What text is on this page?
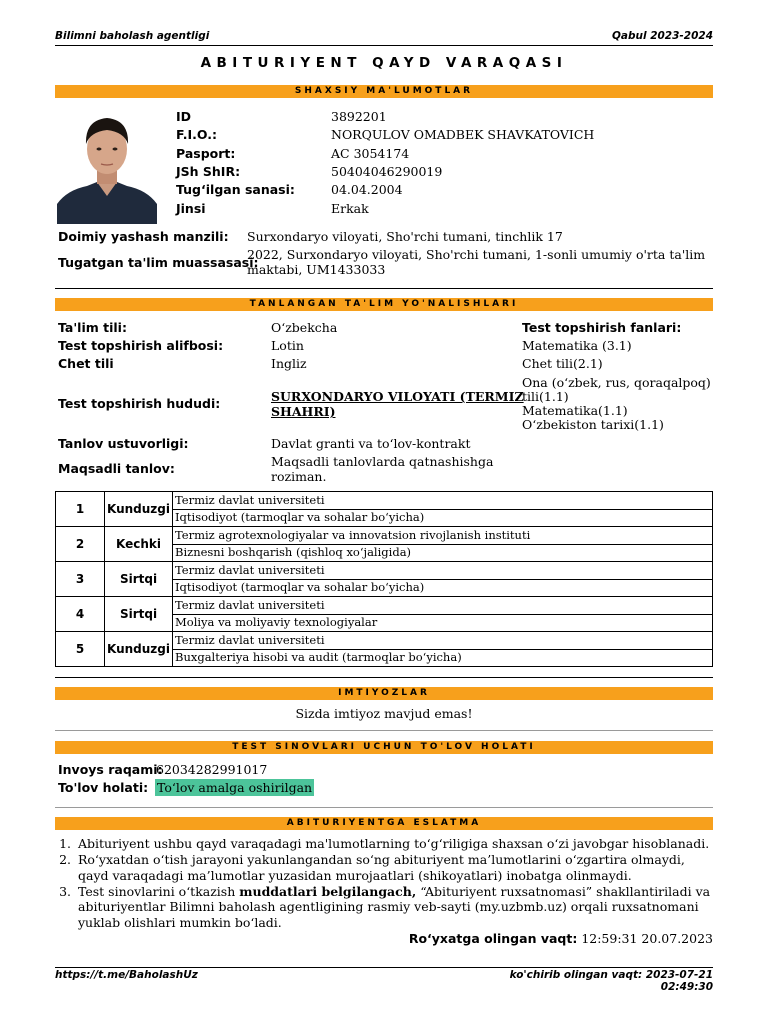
Bilimni baholash agentligi	Qabul 2023-2024
ABITURIYENT QAYD VARAQASI
SHAXSIY MA'LUMOTLAR
ID	3892201
F.I.O.:	NORQULOV OMADBEK SHAVKATOVICH
Pasport:	AC 3054174
JSh ShIR:	50404046290019
Tug‘ilgan sanasi:	04.04.2004
Jinsi	Erkak
Doimiy yashash manzili: Surxondaryo viloyati, Sho'rchi tumani, tinchlik 17
Tugatgan ta'lim muassasasi:
2022, Surxondaryo viloyati, Sho'rchi tumani, 1-sonli umumiy o'rta ta'lim
maktabi, UM1433033
TANLANGAN TA'LIM YO'NALISHLARI
Ta'lim tili:	O‘zbekcha
Test topshirish alifbosi:	Lotin
Chet tili	Ingliz
Test topshirish hududi:	SURXONDARYO VILOYATI (TERMIZ
SHAHRI)
Tanlov ustuvorligi:	Davlat granti va to‘lov-kontrakt
Maqsadli tanlov:	Maqsadli tanlovlarda qatnashishga
roziman.
Test topshirish fanlari:
Matematika (3.1)
Chet tili(2.1)
Ona (o‘zbek, rus, qoraqalpoq)
tili(1.1)
Matematika(1.1)
O‘zbekiston tarixi(1.1)
1	Kunduzgi	Termiz davlat universiteti
		Iqtisodiyot (tarmoqlar va sohalar bo‘yicha)
2	Kechki	Termiz agrotexnologiyalar va innovatsion rivojlanish instituti
		Biznesni boshqarish (qishloq xo‘jaligida)
3	Sirtqi	Termiz davlat universiteti
		Iqtisodiyot (tarmoqlar va sohalar bo‘yicha)
4	Sirtqi	Termiz davlat universiteti
		Moliya va moliyaviy texnologiyalar
5	Kunduzgi	Termiz davlat universiteti
		Buxgalteriya hisobi va audit (tarmoqlar bo‘yicha)
IMTIYOZLAR
Sizda imtiyoz mavjud emas!
TEST SINOVLARI UCHUN TO'LOV HOLATI
Invoys raqami:
62034282991017
To'lov holati: To‘lov amalga oshirilgan
ABITURIYENTGA ESLATMA
1. Abituriyent ushbu qayd varaqadagi ma'lumotlarning to‘g‘riligiga shaxsan o‘zi javobgar hisoblanadi.
2. Ro‘yxatdan o‘tish jarayoni yakunlangandan so‘ng abituriyent ma’lumotlarini o‘zgartira olmaydi, qayd varaqadagi ma’lumotlar yuzasidan murojaatlari (shikoyatlari) inobatga olinmaydi.
3. Test sinovlarini o‘tkazish muddatlari belgilangach, “Abituriyent ruxsatnomasi” shakllantiriladi va abituriyentlar Bilimni baholash agentligining rasmiy veb-sayti (my.uzbmb.uz) orqali ruxsatnomani yuklab olishlari mumkin bo‘ladi.
Ro‘yxatga olingan vaqt: 12:59:31 20.07.2023
https://t.me/BaholashUz	ko'chirib olingan vaqt: 2023-07-21
02:49:30
